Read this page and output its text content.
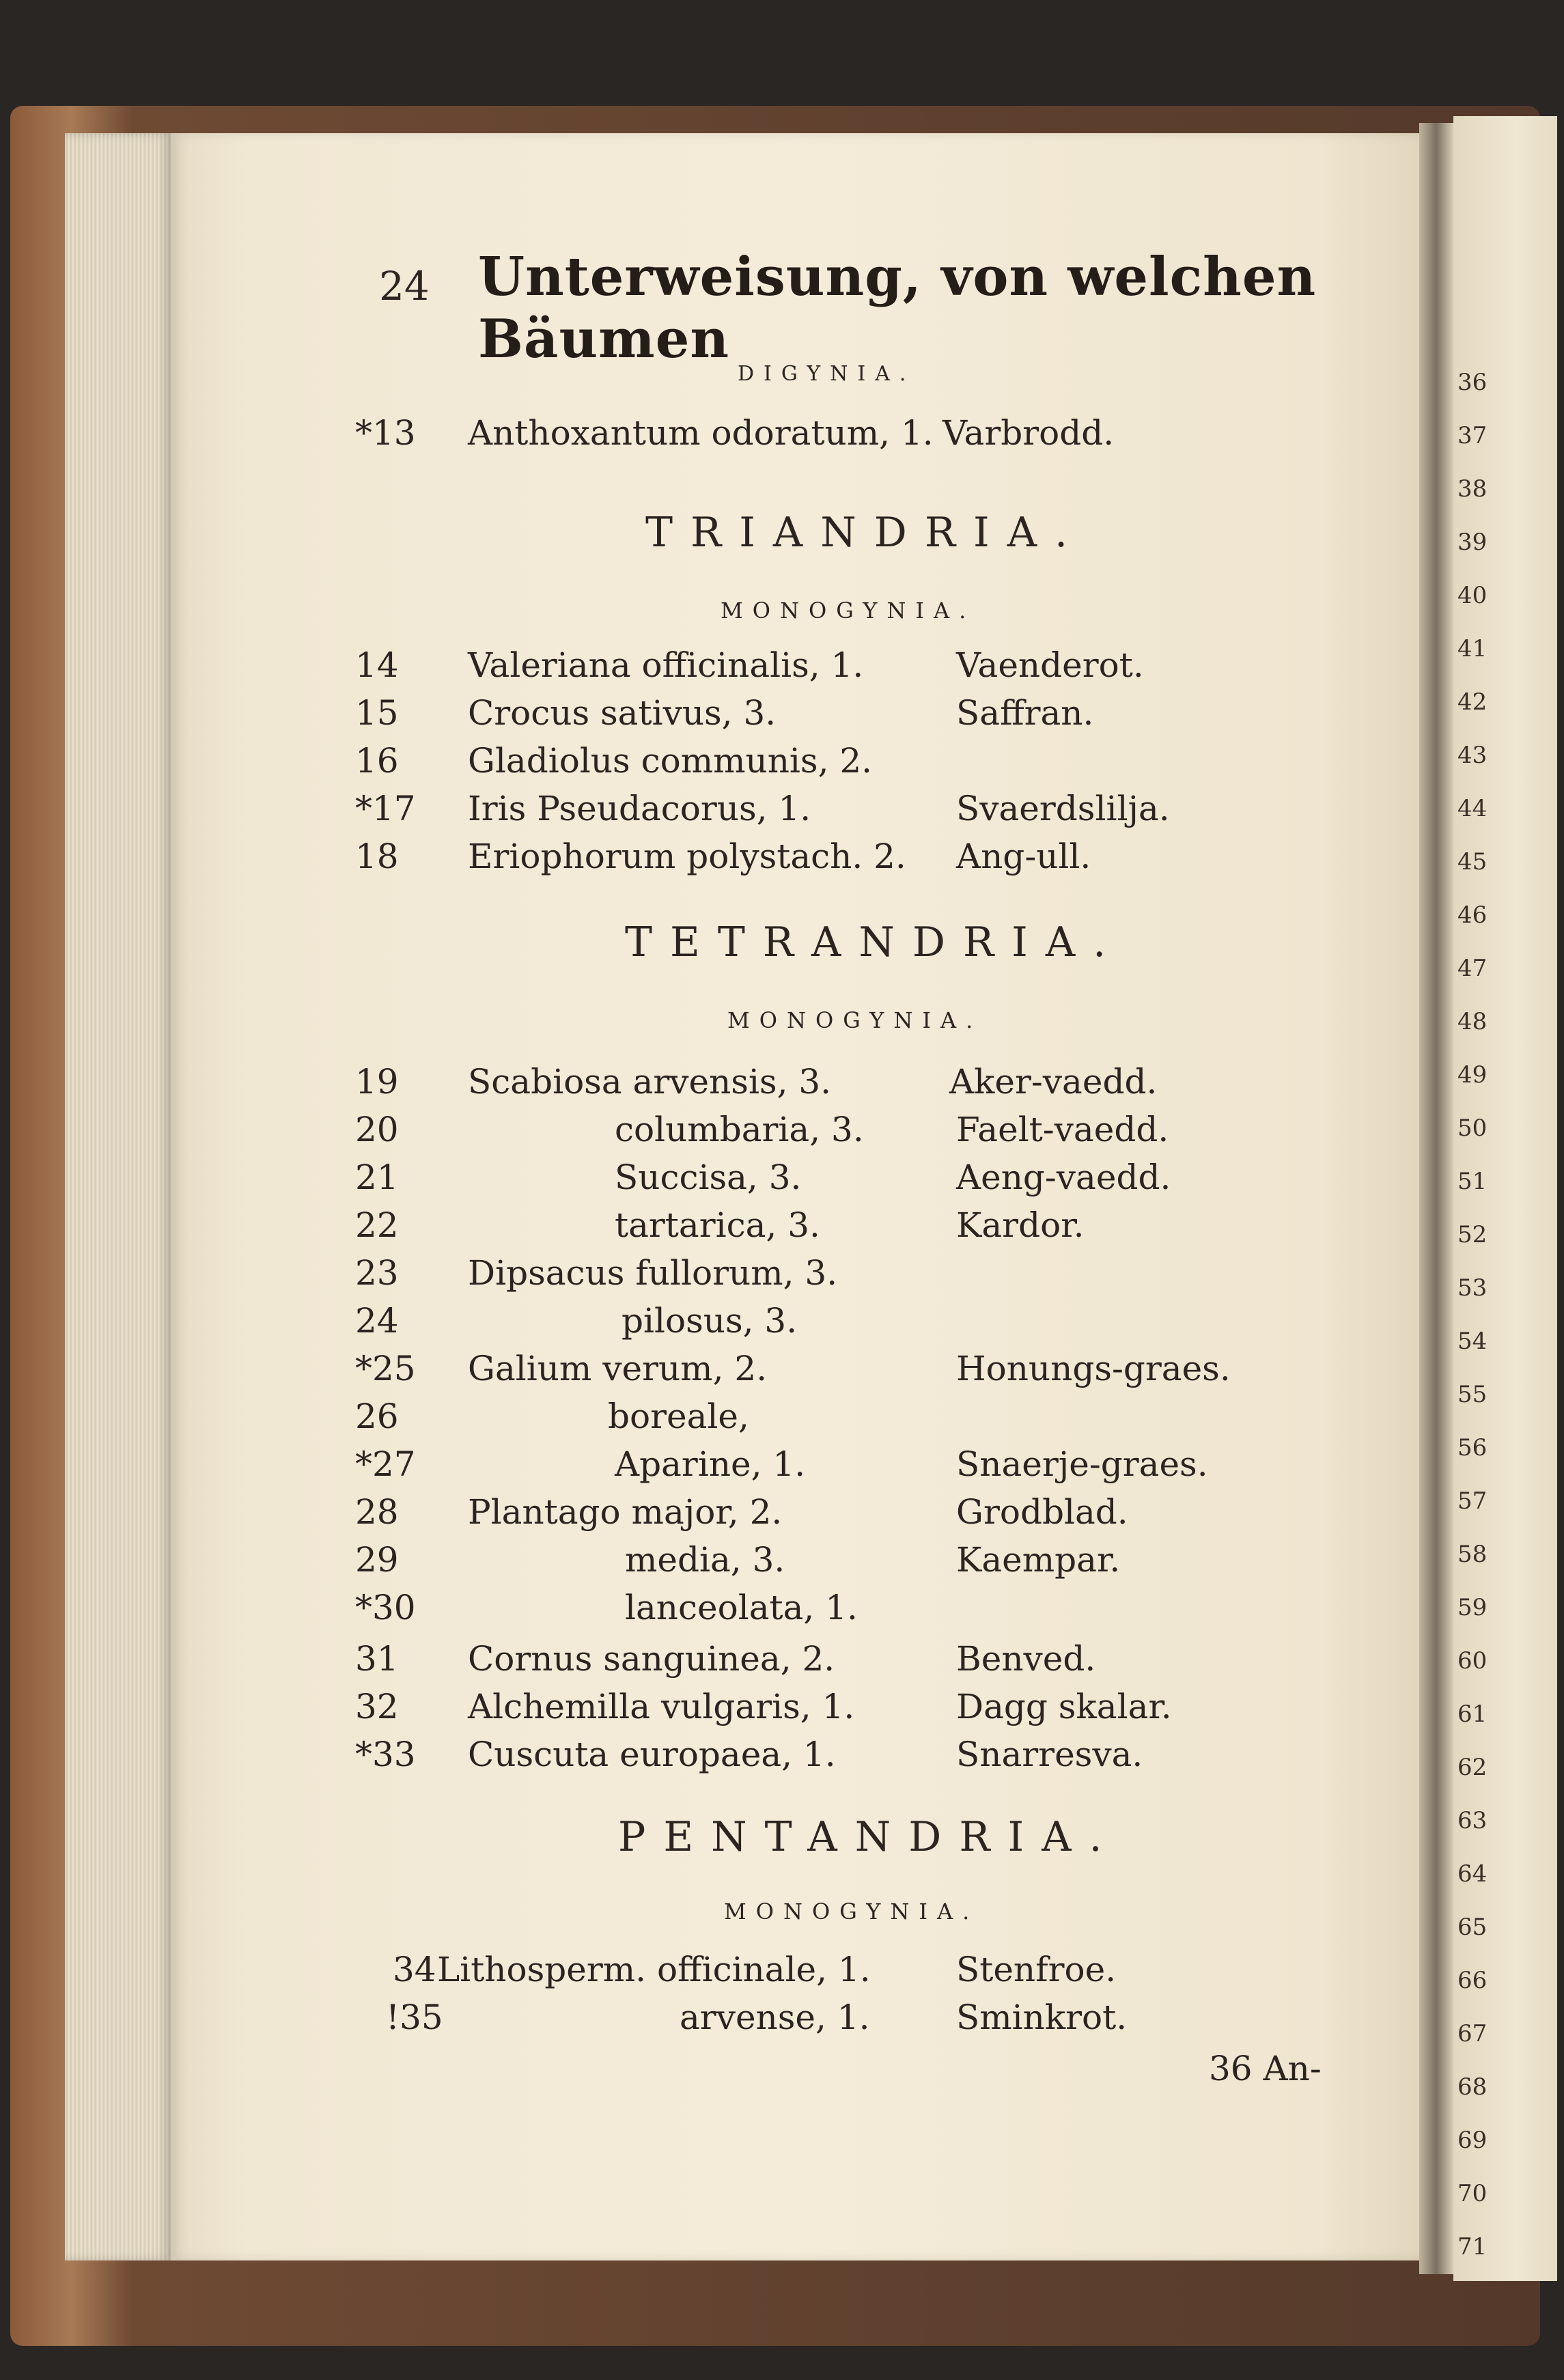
36
37
38
39
40
41
42
43
44
45
46
47
48
49
50
51
52
53
54
55
56
57
58
59
60
61
62
63
64
65
66
67
68
69
70
71
24 Unterweisung, von welchen Bäumen
DIGYNIA.
*13	Anthoxantum odoratum, 1. Varbrodd.
TRIANDRIA.
MONOGYNIA.
14	Valeriana officinalis, 1.	Vaenderot.
15	Crocus sativus, 3.	Saffran.
16	Gladiolus communis, 2.
*17	Iris Pseudacorus, 1.	Svaerdslilja.
18	Eriophorum polystach. 2. Ang-ull.
TETRANDRIA.
MONOGYNIA.
19	Scabiosa arvensis, 3.	Aker-vaedd.
20	columbaria, 3.	Faelt-vaedd.
21	Succisa, 3.	Aeng-vaedd.
22	tartarica, 3.	Kardor.
23	Dipsacus fullorum, 3.
24	pilosus, 3.
*25	Galium verum, 2.	Honungs-graes.
26	boreale,
*27	Aparine, 1.	Snaerje-graes.
28	Plantago major, 2.	Grodblad.
29	media, 3.	Kaempar.
*30	lanceolata, 1.
31	Cornus sanguinea, 2.	Benved.
32	Alchemilla vulgaris, 1.	Dagg skalar.
*33	Cuscuta europaea, 1.	Snarresva.
PENTANDRIA.
MONOGYNIA.
34 Lithosperm. officinale, 1.	Stenfroe.
!35	arvense, 1.	Sminkrot.
36 An-
